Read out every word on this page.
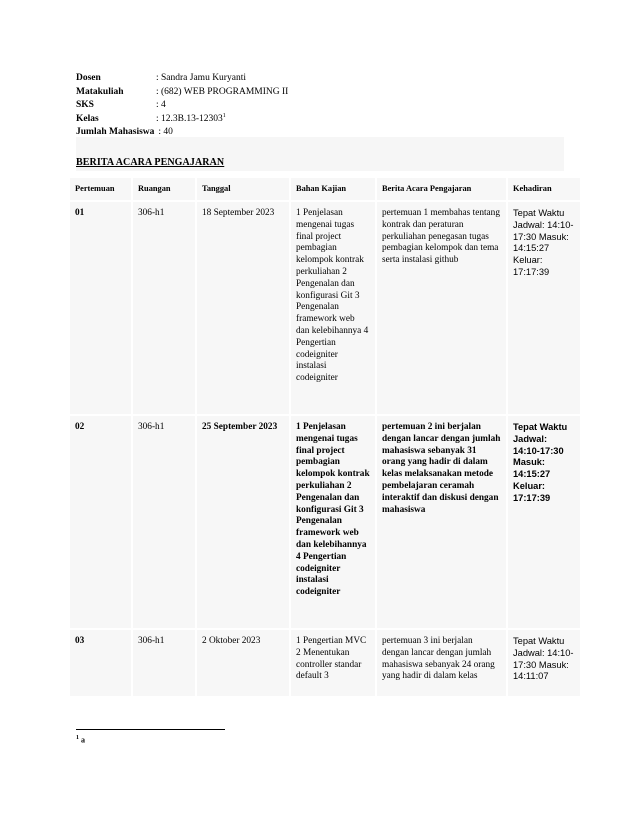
Dosen	: Sandra Jamu Kuryanti
Matakuliah	: (682) WEB PROGRAMMING II
SKS	: 4
Kelas	: 12.3B.13-12303$^1$
Jumlah Mahasiswa : 40
BERITA ACARA PENGAJARAN
Pertemuan	Ruangan	Tanggal	Bahan Kajian	Berita Acara Pengajaran	Kehadiran
01	306-h1	18 September 2023	1 Penjelasan mengenai tugas final project pembagian kelompok kontrak perkuliahan 2 Pengenalan dan konfigurasi Git 3 Pengenalan framework web dan kelebihannya 4 Pengertian codeigniter instalasi codeigniter	pertemuan 1 membahas tentang kontrak dan peraturan perkuliahan penegasan tugas pembagian kelompok dan tema serta instalasi github	Tepat Waktu Jadwal: 14:10-17:30 Masuk: 14:15:27 Keluar: 17:17:39
02	306-h1	25 September 2023	1 Penjelasan mengenai tugas final project pembagian kelompok kontrak perkuliahan 2 Pengenalan dan konfigurasi Git 3 Pengenalan framework web dan kelebihannya 4 Pengertian codeigniter instalasi codeigniter	pertemuan 2 ini berjalan dengan lancar dengan jumlah mahasiswa sebanyak 31 orang yang hadir di dalam kelas melaksanakan metode pembelajaran ceramah interaktif dan diskusi dengan mahasiswa	Tepat Waktu Jadwal: 14:10-17:30 Masuk: 14:15:27 Keluar: 17:17:39
03	306-h1	2 Oktober 2023	1 Pengertian MVC 2 Menentukan controller standar default 3	pertemuan 3 ini berjalan dengan lancar dengan jumlah mahasiswa sebanyak 24 orang yang hadir di dalam kelas	Tepat Waktu Jadwal: 14:10-17:30 Masuk: 14:11:07
$^1$ a
